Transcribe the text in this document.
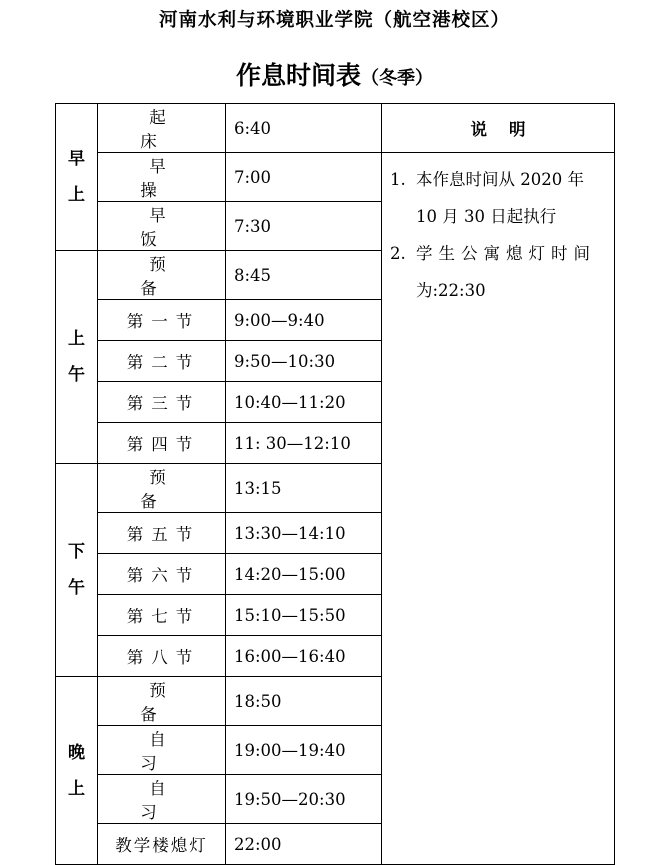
河南水利与环境职业学院（航空港校区）
作息时间表（冬季）
早
上	起 床	6:40	说明
	早 操	7:00	1. 本作息时间从 2020 年
10 月 30 日起执行
2. 学生公寓熄灯时间
为:22:30

	早 饭	7:30	

上
午	预 备	8:45	
	第一节	9:00—9:40	
	第二节	9:50—10:30	
	第三节	10:40—11:20	
	第四节	11: 30—12:10	

下
午	预 备	13:15	
	第五节	13:30—14:10	
	第六节	14:20—15:00	
	第七节	15:10—15:50	
	第八节	16:00—16:40	

晚
上	预 备	18:50	
	自 习	19:00—19:40	
	自 习	19:50—20:30	
	教学楼熄灯	22:00	
